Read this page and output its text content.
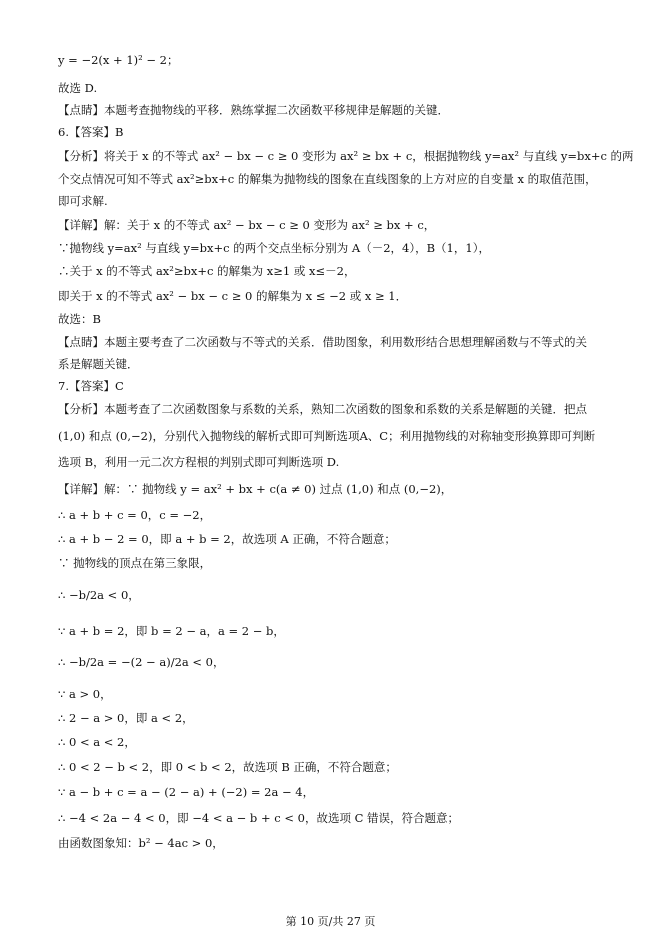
y = −2(x + 1)² − 2；
故选 D.
【点睛】本题考查抛物线的平移．熟练掌握二次函数平移规律是解题的关键．
6.【答案】B
【分析】将关于 x 的不等式 ax² − bx − c ≥ 0 变形为 ax² ≥ bx + c，根据抛物线 y=ax² 与直线 y=bx+c 的两
个交点情况可知不等式 ax²≥bx+c 的解集为抛物线的图象在直线图象的上方对应的自变量 x 的取值范围，
即可求解.
【详解】解：关于 x 的不等式 ax² − bx − c ≥ 0 变形为 ax² ≥ bx + c，
∵抛物线 y=ax² 与直线 y=bx+c 的两个交点坐标分别为 A（－2，4），B（1，1），
∴关于 x 的不等式 ax²≥bx+c 的解集为 x≥1 或 x≤－2，
即关于 x 的不等式 ax² − bx − c ≥ 0 的解集为 x ≤ −2 或 x ≥ 1．
故选：B
【点睛】本题主要考查了二次函数与不等式的关系．借助图象，利用数形结合思想理解函数与不等式的关
系是解题关键．
7.【答案】C
【分析】本题考查了二次函数图象与系数的关系，熟知二次函数的图象和系数的关系是解题的关键．把点
(1,0) 和点 (0,−2)，分别代入抛物线的解析式即可判断选项A、C；利用抛物线的对称轴变形换算即可判断
选项 B，利用一元二次方程根的判别式即可判断选项 D.
【详解】解：∵ 抛物线 y = ax² + bx + c(a ≠ 0) 过点 (1,0) 和点 (0,−2)，
∴ a + b + c = 0，c = −2，
∴ a + b − 2 = 0，即 a + b = 2，故选项 A 正确，不符合题意；
∵ 抛物线的顶点在第三象限，
∴ −b/2a < 0，
∵ a + b = 2，即 b = 2 − a，a = 2 − b，
∴ −b/2a = −(2 − a)/2a < 0，
∵ a > 0，
∴ 2 − a > 0，即 a < 2，
∴ 0 < a < 2，
∴ 0 < 2 − b < 2，即 0 < b < 2，故选项 B 正确，不符合题意；
∵ a − b + c = a − (2 − a) + (−2) = 2a − 4，
∴ −4 < 2a − 4 < 0，即 −4 < a − b + c < 0，故选项 C 错误，符合题意；
由函数图象知：b² − 4ac > 0，
第 10 页/共 27 页
